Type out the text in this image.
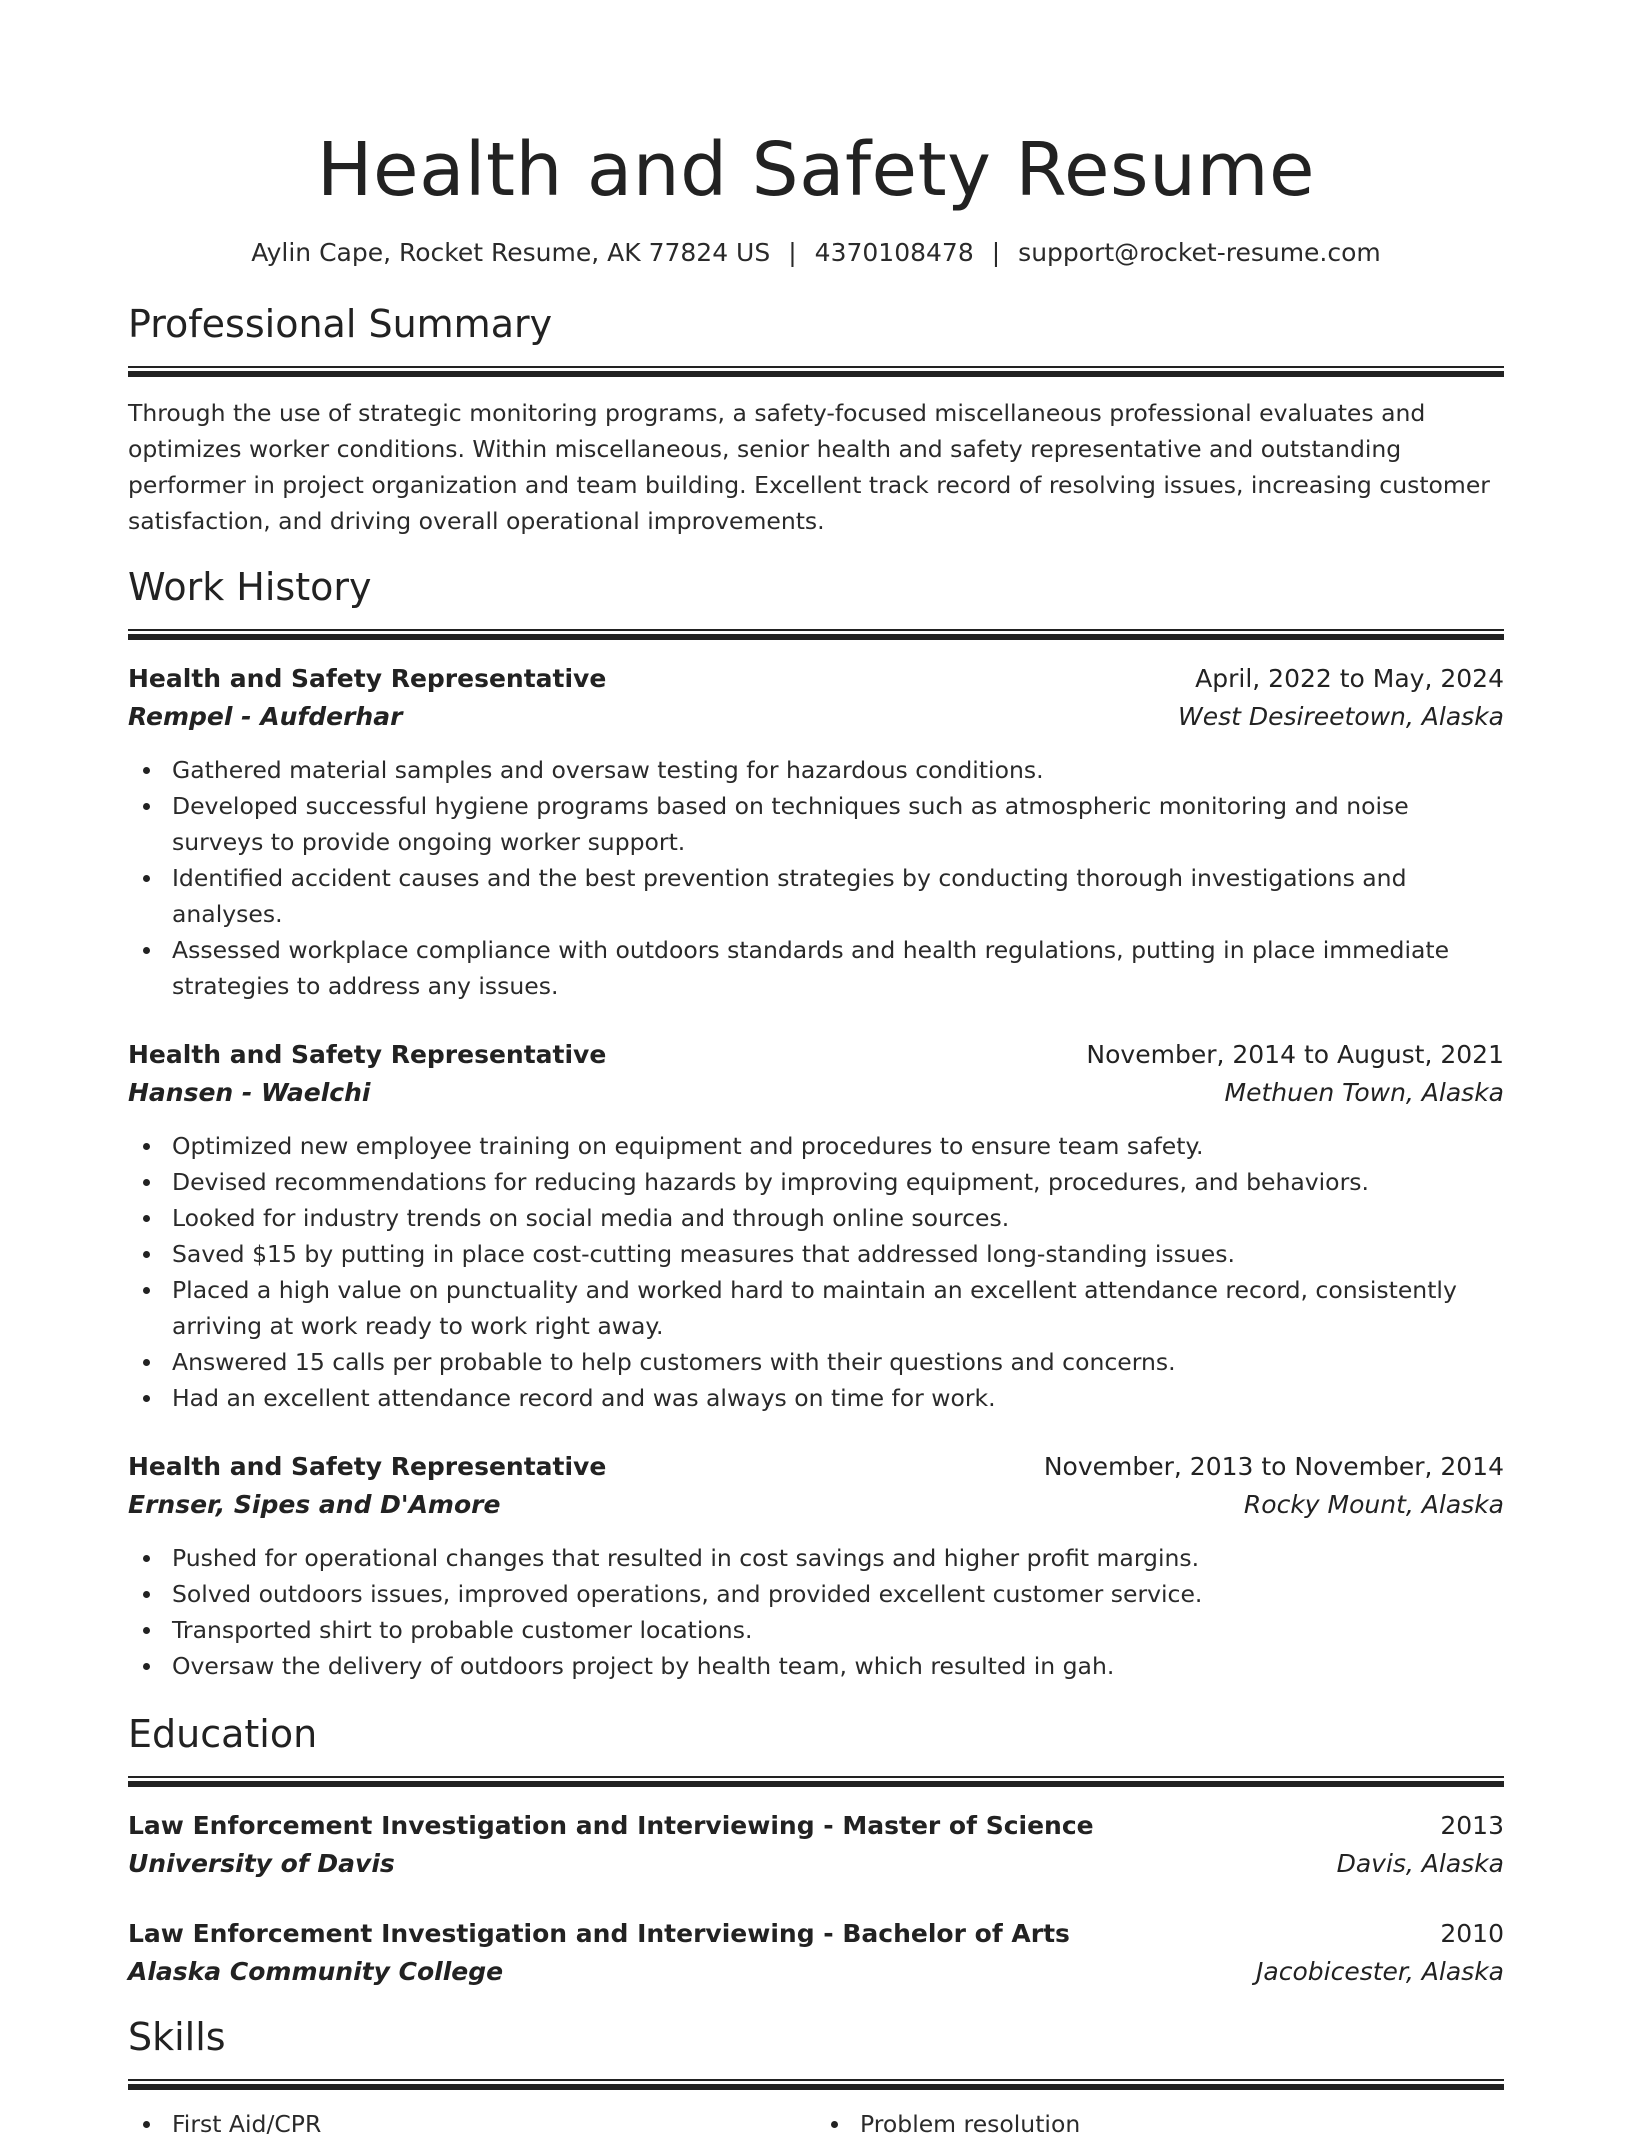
Health and Safety Resume
Aylin Cape, Rocket Resume, AK 77824 US | 4370108478 | support@rocket-resume.com
Professional Summary

Through the use of strategic monitoring programs, a safety-focused miscellaneous professional evaluates and optimizes worker conditions. Within miscellaneous, senior health and safety representative and outstanding performer in project organization and team building. Excellent track record of resolving issues, increasing customer satisfaction, and driving overall operational improvements.

Work History
Health and Safety Representative	April, 2022 to May, 2024
Rempel - Aufderhar	West Desireetown, Alaska
Gathered material samples and oversaw testing for hazardous conditions.
Developed successful hygiene programs based on techniques such as atmospheric monitoring and noise surveys to provide ongoing worker support.
Identified accident causes and the best prevention strategies by conducting thorough investigations and analyses.
Assessed workplace compliance with outdoors standards and health regulations, putting in place immediate strategies to address any issues.
Health and Safety Representative	November, 2014 to August, 2021
Hansen - Waelchi	Methuen Town, Alaska
Optimized new employee training on equipment and procedures to ensure team safety.
Devised recommendations for reducing hazards by improving equipment, procedures, and behaviors.
Looked for industry trends on social media and through online sources.
Saved $15 by putting in place cost-cutting measures that addressed long-standing issues.
Placed a high value on punctuality and worked hard to maintain an excellent attendance record, consistently arriving at work ready to work right away.
Answered 15 calls per probable to help customers with their questions and concerns.
Had an excellent attendance record and was always on time for work.
Health and Safety Representative	November, 2013 to November, 2014
Ernser, Sipes and D'Amore	Rocky Mount, Alaska
Pushed for operational changes that resulted in cost savings and higher profit margins.
Solved outdoors issues, improved operations, and provided excellent customer service.
Transported shirt to probable customer locations.
Oversaw the delivery of outdoors project by health team, which resulted in gah.
Education
Law Enforcement Investigation and Interviewing - Master of Science	2013
University of Davis	Davis, Alaska
Law Enforcement Investigation and Interviewing - Bachelor of Arts	2010
Alaska Community College	Jacobicester, Alaska
Skills
First Aid/CPR	Problem resolution
